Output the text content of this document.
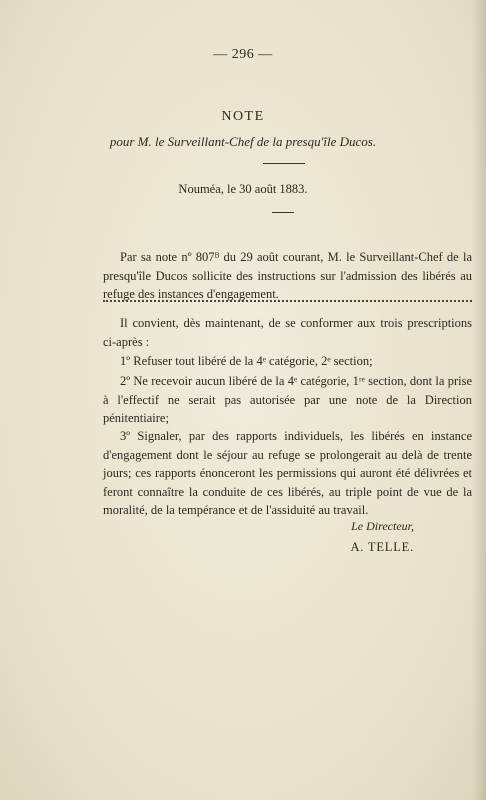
— 296 —
NOTE
pour M. le Surveillant-Chef de la presqu'île Ducos.
Nouméa, le 30 août 1883.

Par sa note nº 807ᴮ du 29 août courant, M. le Surveillant-Chef de la presqu'île Ducos sollicite des instructions sur l'admission des libérés au refuge des instances d'engagement.

Il convient, dès maintenant, de se conformer aux trois prescriptions ci-après :

1º Refuser tout libéré de la 4ᵉ catégorie, 2ᵉ section;

2º Ne recevoir aucun libéré de la 4ᵉ catégorie, 1ʳᵉ section, dont la prise à l'effectif ne serait pas autorisée par une note de la Direction pénitentiaire;

3º Signaler, par des rapports individuels, les libérés en instance d'engagement dont le séjour au refuge se prolongerait au delà de trente jours; ces rapports énonceront les permissions qui auront été délivrées et feront connaître la conduite de ces libérés, au triple point de vue de la moralité, de la tempérance et de l'assiduité au travail.

Le Directeur,
A. TELLE.
